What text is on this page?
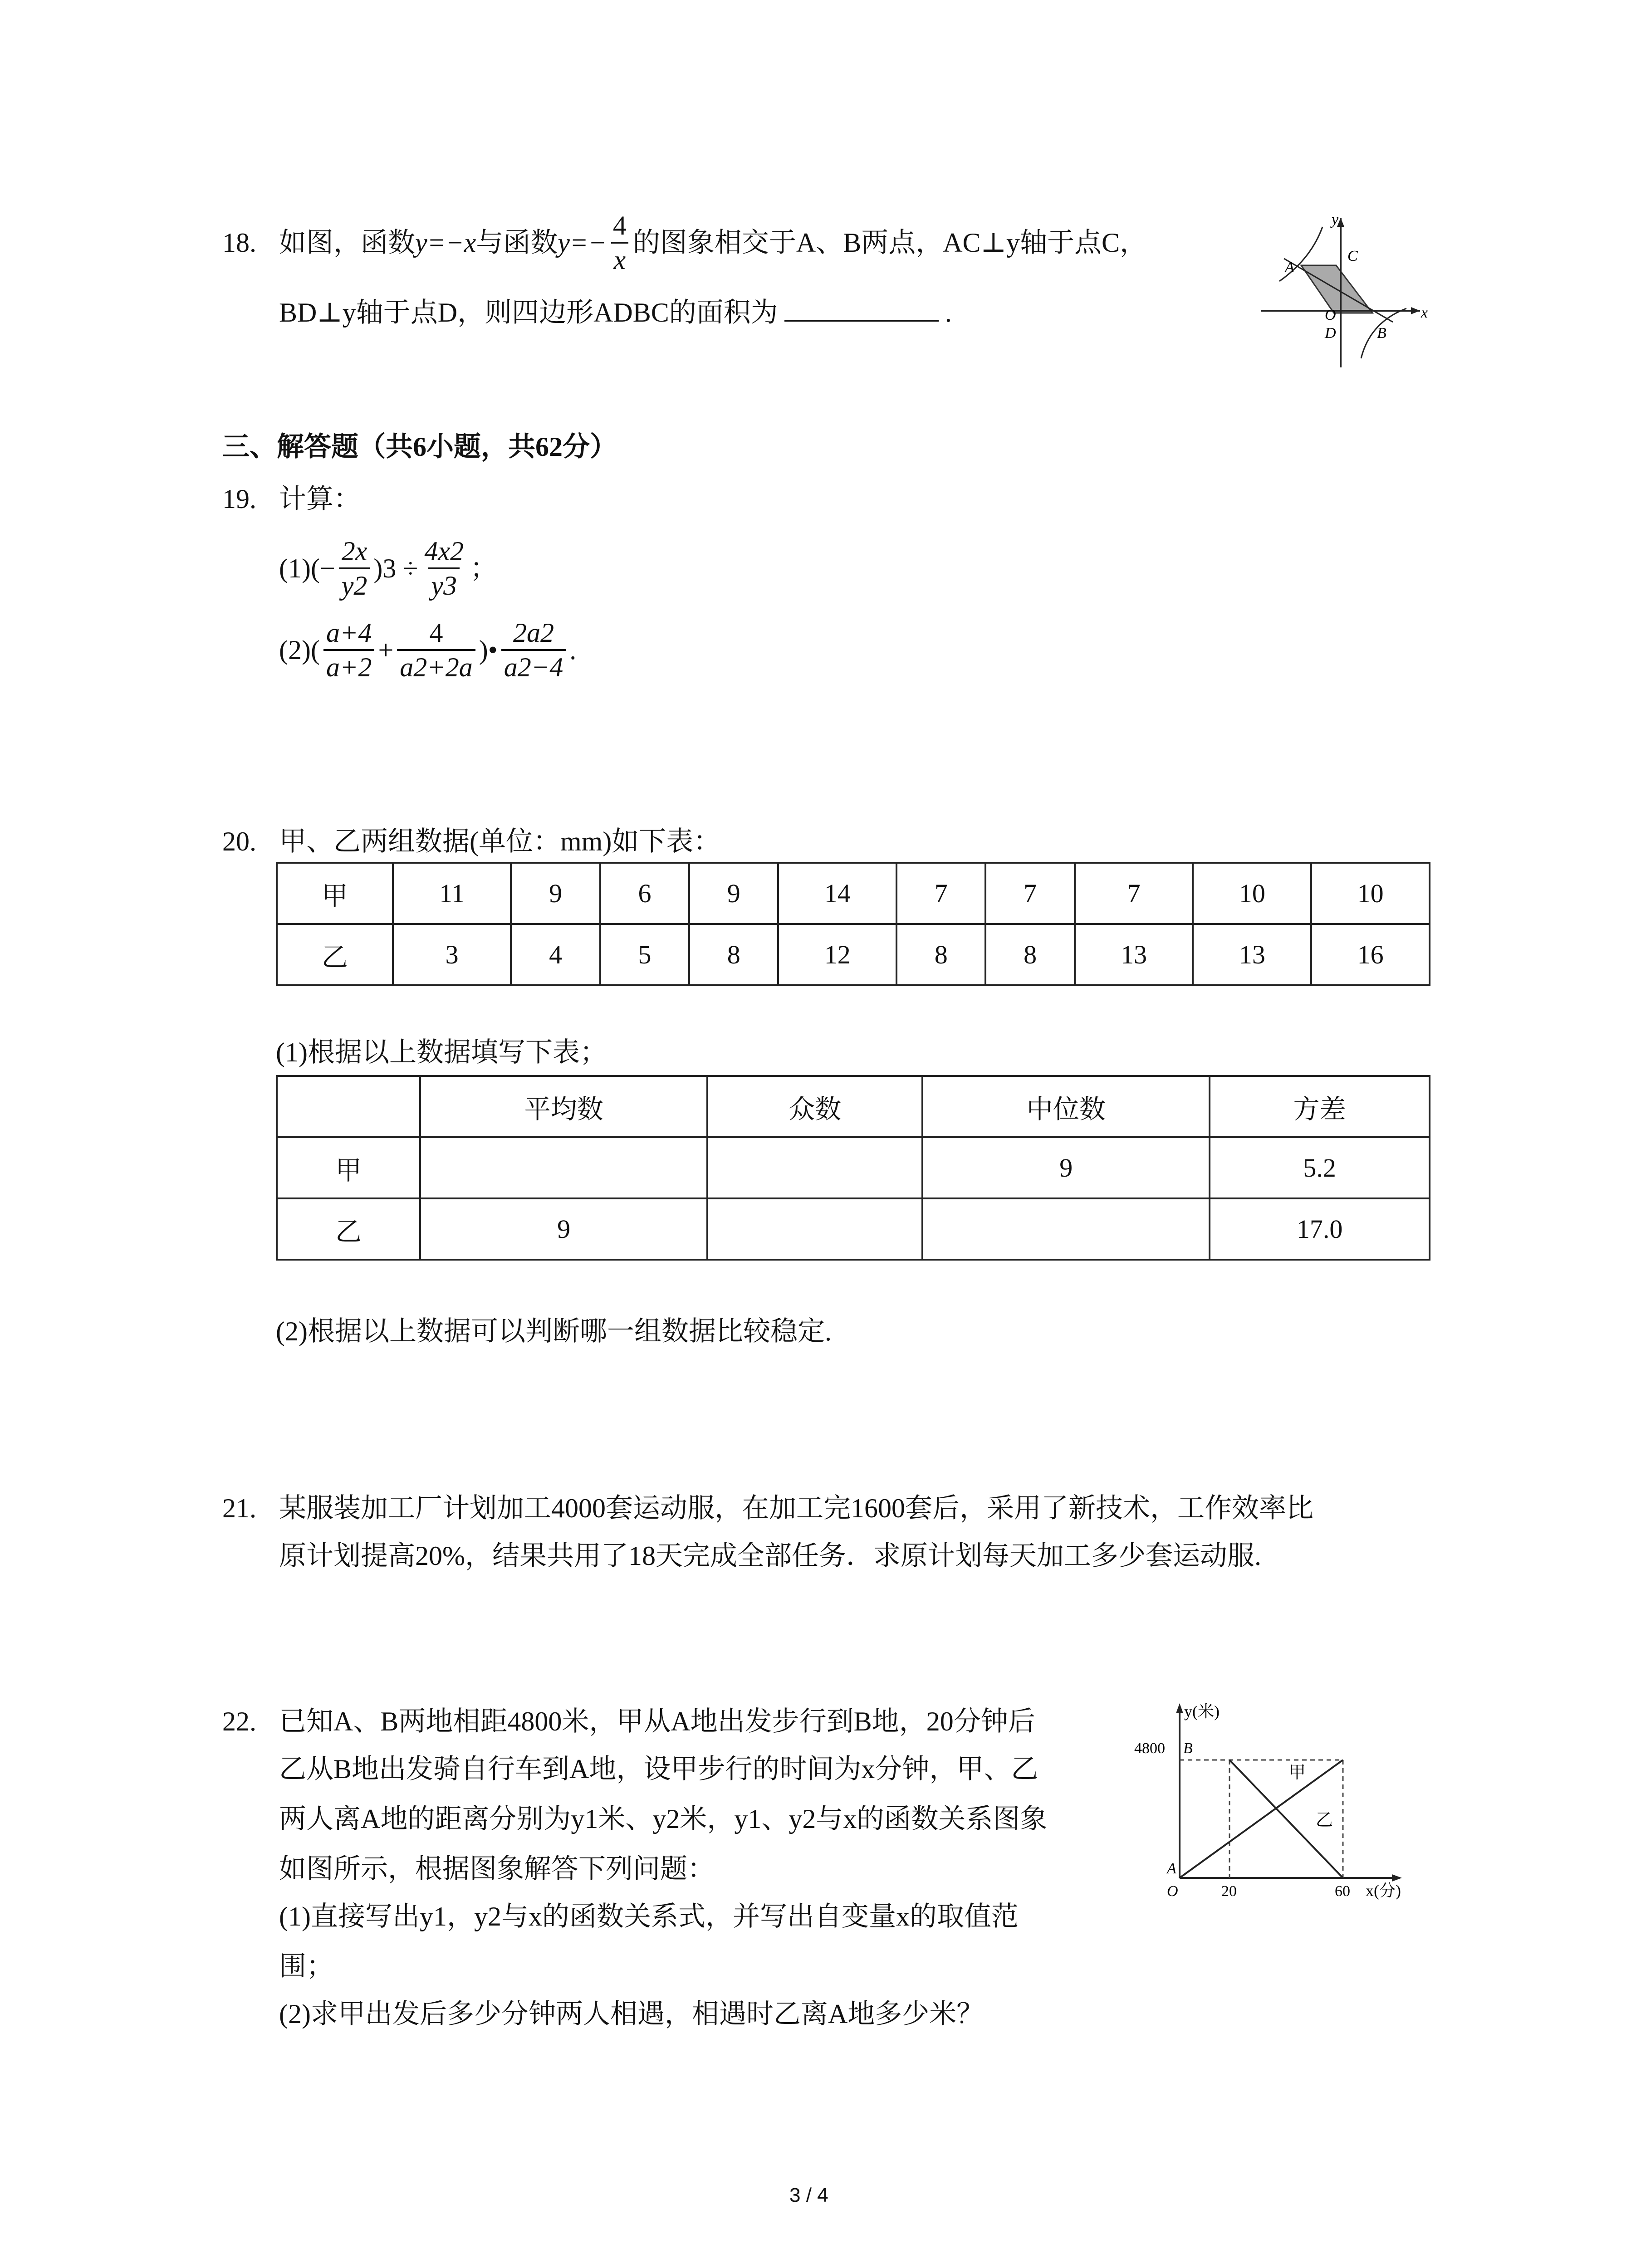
18. 如图，函数 y=−x 与函数 $y=- \frac{4}{x}$ 的图象相交于A、B两点，AC⊥y轴于点C，
BD⊥y轴于点D，则四边形ADBC的面积为	.
y
x
A
C
O
D	B
三、解答题（共6小题，共62分）
19. 计算：
$(1)(- \frac{2x}{y2} )3 \div \frac{4x2}{y3}$ ；
$(2)( \frac{a+4}{a+2} + \frac{4}{a2+2a}$ )• $\frac{2a2}{a2-4}$ .
20. 甲、乙两组数据(单位：mm)如下表：
甲	11	9	6	9	14	7	7	7	10	10
乙	3	4	5	8	12	8	8	13	13	16
(1)根据以上数据填写下表；
	平均数	众数	中位数	方差
甲			9	5.2
乙	9			17.0
(2)根据以上数据可以判断哪一组数据比较稳定.
21. 某服装加工厂计划加工4000套运动服，在加工完1600套后，采用了新技术，工作效率比
原计划提高20%，结果共用了18天完成全部任务．求原计划每天加工多少套运动服.
22. 已知A、B两地相距4800米，甲从A地出发步行到B地，20分钟后
乙从B地出发骑自行车到A地，设甲步行的时间为x分钟，甲、乙
两人离A地的距离分别为y1米、y2米，y1、y2与x的函数关系图象
如图所示，根据图象解答下列问题：
(1)直接写出y1，y2与x的函数关系式，并写出自变量x的取值范
围；
(2)求甲出发后多少分钟两人相遇，相遇时乙离A地多少米？
y(米)
4800 B
A
O	20	60 x(分)
甲
乙
3 / 4
